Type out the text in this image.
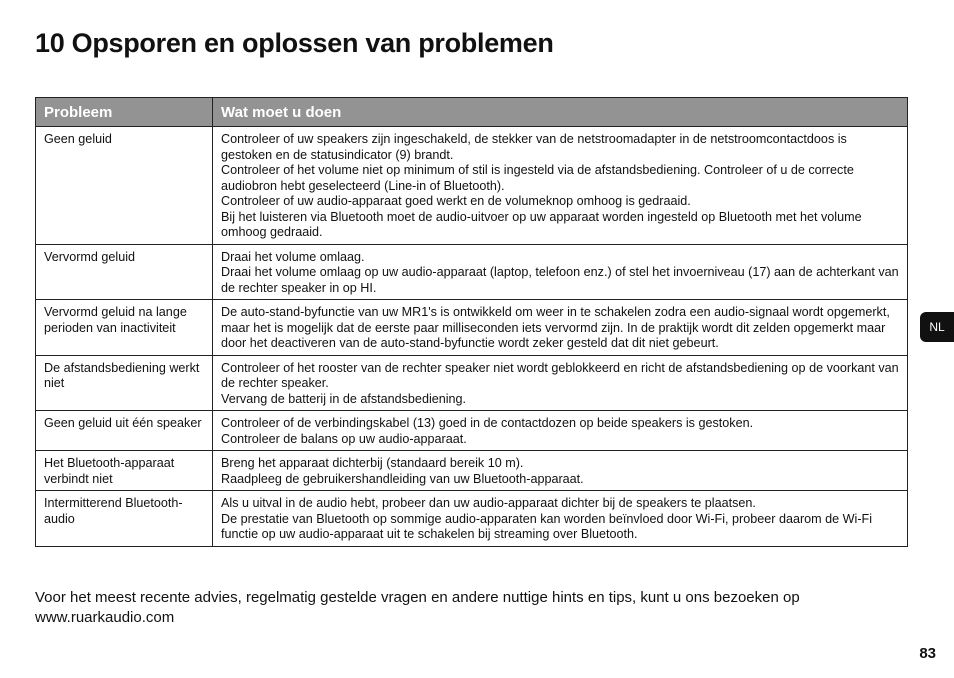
10 Opsporen en oplossen van problemen
Probleem	Wat moet u doen
Geen geluid	Controleer of uw speakers zijn ingeschakeld, de stekker van de netstroomadapter in de netstroomcontactdoos is gestoken en de statusindicator (9) brandt.
Controleer of het volume niet op minimum of stil is ingesteld via de afstandsbediening. Controleer of u de correcte audiobron hebt geselecteerd (Line-in of Bluetooth).
Controleer of uw audio-apparaat goed werkt en de volumeknop omhoog is gedraaid.
Bij het luisteren via Bluetooth moet de audio-uitvoer op uw apparaat worden ingesteld op Bluetooth met het volume omhoog gedraaid.

Vervormd geluid	Draai het volume omlaag.
Draai het volume omlaag op uw audio-apparaat (laptop, telefoon enz.) of stel het invoerniveau (17) aan de achterkant van de rechter speaker in op HI.

Vervormd geluid na lange perioden van inactiviteit	De auto-stand-byfunctie van uw MR1's is ontwikkeld om weer in te schakelen zodra een audio-signaal wordt opgemerkt, maar het is mogelijk dat de eerste paar milliseconden iets vervormd zijn. In de praktijk wordt dit zelden opgemerkt maar door het deactiveren van de auto-stand-byfunctie wordt zeker gesteld dat dit niet gebeurt.

De afstandsbediening werkt niet	Controleer of het rooster van de rechter speaker niet wordt geblokkeerd en richt de afstandsbediening op de voorkant van de rechter speaker.
Vervang de batterij in de afstandsbediening.

Geen geluid uit één speaker	Controleer of de verbindingskabel (13) goed in de contactdozen op beide speakers is gestoken.
Controleer de balans op uw audio-apparaat.

Het Bluetooth-apparaat verbindt niet	Breng het apparaat dichterbij (standaard bereik 10 m).
Raadpleeg de gebruikershandleiding van uw Bluetooth-apparaat.

Intermitterend Bluetooth-audio	Als u uitval in de audio hebt, probeer dan uw audio-apparaat dichter bij de speakers te plaatsen.
De prestatie van Bluetooth op sommige audio-apparaten kan worden beïnvloed door Wi-Fi, probeer daarom de Wi-Fi functie op uw audio-apparaat uit te schakelen bij streaming over Bluetooth.
NL
Voor het meest recente advies, regelmatig gestelde vragen en andere nuttige hints en tips, kunt u ons bezoeken op
www.ruarkaudio.com
83
